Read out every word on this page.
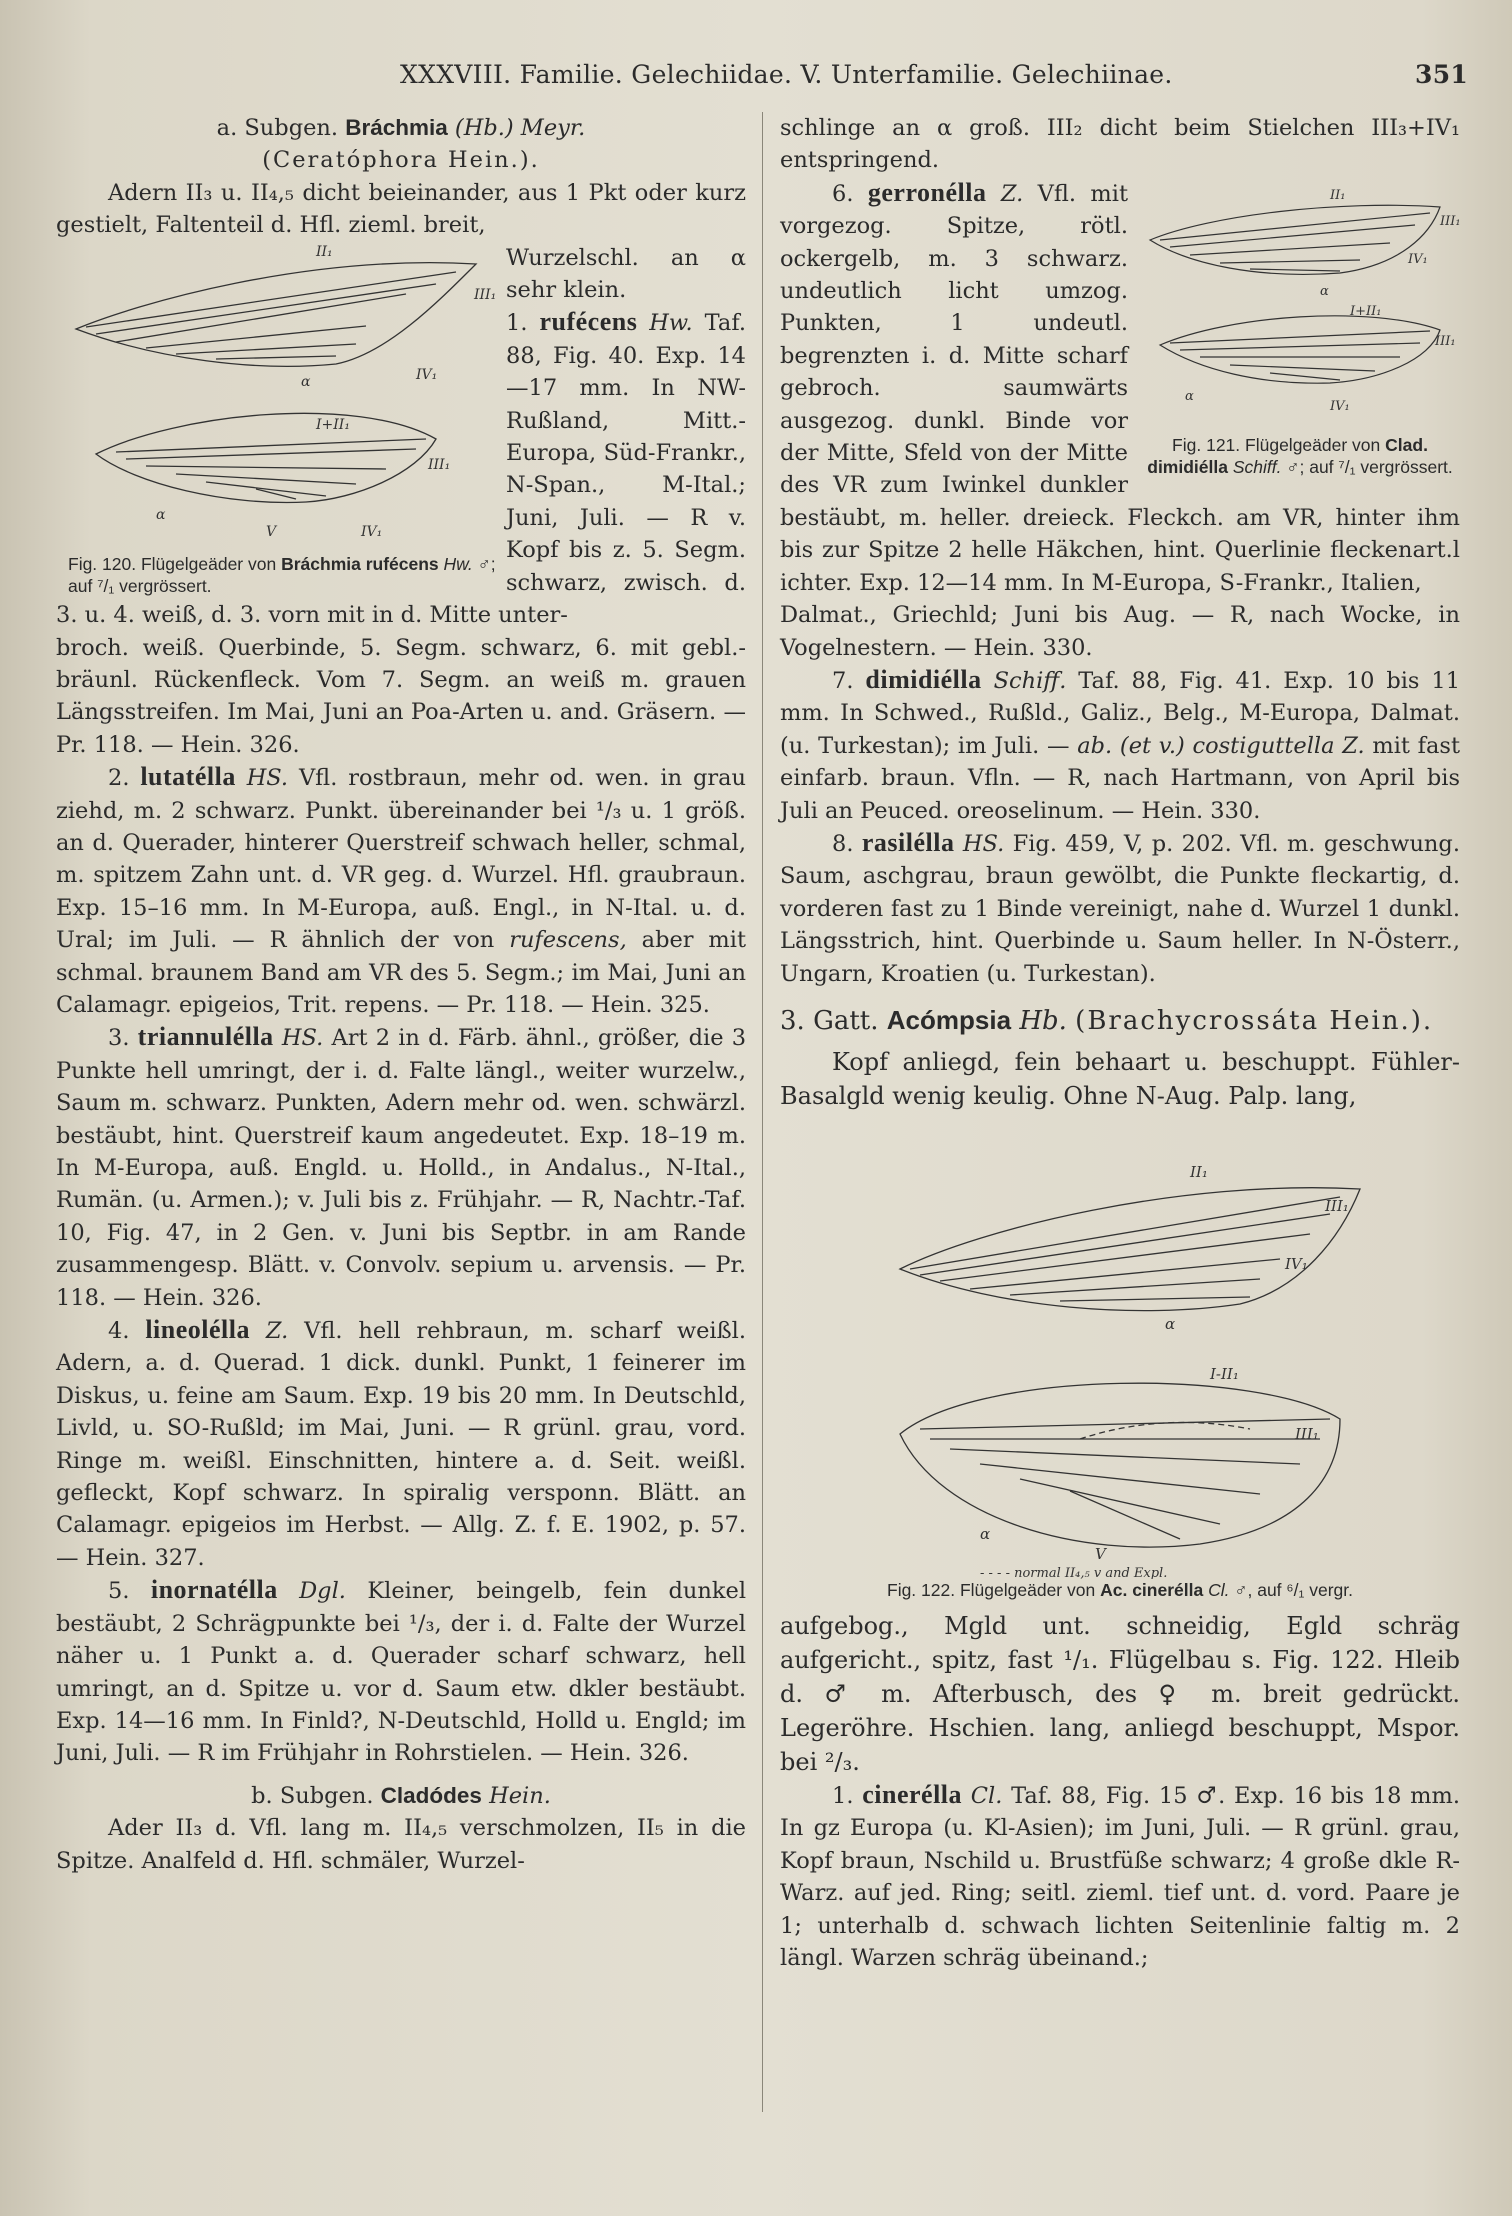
XXXVIII. Familie. Gelechiidae. V. Unterfamilie. Gelechiinae.	351

a. Subgen. Bráchmia (Hb.) Meyr.

(Ceratóphora Hein.).

Adern II₃ u. II₄,₅ dicht beieinander, aus 1 Pkt oder kurz gestielt, Faltenteil d. Hfl. zieml. breit,

II₁
III₁
IV₁
α
I+II₁
III₁
α
V	IV₁
Fig. 120. Flügelgeäder von Bráchmia rufécens Hw. ♂; auf ⁷/₁ vergrössert.

Wurzelschl. an α sehr klein.

1. rufécens Hw. Taf. 88, Fig. 40. Exp. 14—17 mm. In NW-Rußland, Mitt.-Europa, Süd-Frankr., N-Span., M-Ital.; Juni, Juli. — R v. Kopf bis z. 5. Segm. schwarz, zwisch. d. 3. u. 4. weiß, d. 3. vorn mit in d. Mitte unter-

broch. weiß. Querbinde, 5. Segm. schwarz, 6. mit gebl.-bräunl. Rückenfleck. Vom 7. Segm. an weiß m. grauen Längsstreifen. Im Mai, Juni an Poa-Arten u. and. Gräsern. — Pr. 118. — Hein. 326.

2. lutatélla HS. Vfl. rostbraun, mehr od. wen. in grau ziehd, m. 2 schwarz. Punkt. übereinander bei ¹/₃ u. 1 größ. an d. Querader, hinterer Querstreif schwach heller, schmal, m. spitzem Zahn unt. d. VR geg. d. Wurzel. Hfl. graubraun. Exp. 15–16 mm. In M-Europa, auß. Engl., in N-Ital. u. d. Ural; im Juli. — R ähnlich der von rufescens, aber mit schmal. braunem Band am VR des 5. Segm.; im Mai, Juni an Calamagr. epigeios, Trit. repens. — Pr. 118. — Hein. 325.

3. triannulélla HS. Art 2 in d. Färb. ähnl., größer, die 3 Punkte hell umringt, der i. d. Falte längl., weiter wurzelw., Saum m. schwarz. Punkten, Adern mehr od. wen. schwärzl. bestäubt, hint. Querstreif kaum angedeutet. Exp. 18–19 m. In M-Europa, auß. Engld. u. Holld., in Andalus., N-Ital., Rumän. (u. Armen.); v. Juli bis z. Frühjahr. — R, Nachtr.-Taf. 10, Fig. 47, in 2 Gen. v. Juni bis Septbr. in am Rande zusammengesp. Blätt. v. Convolv. sepium u. arvensis. — Pr. 118. — Hein. 326.

4. lineolélla Z. Vfl. hell rehbraun, m. scharf weißl. Adern, a. d. Querad. 1 dick. dunkl. Punkt, 1 feinerer im Diskus, u. feine am Saum. Exp. 19 bis 20 mm. In Deutschld, Livld, u. SO-Rußld; im Mai, Juni. — R grünl. grau, vord. Ringe m. weißl. Einschnitten, hintere a. d. Seit. weißl. gefleckt, Kopf schwarz. In spiralig versponn. Blätt. an Calamagr. epigeios im Herbst. — Allg. Z. f. E. 1902, p. 57. — Hein. 327.

5. inornatélla Dgl. Kleiner, beingelb, fein dunkel bestäubt, 2 Schrägpunkte bei ¹/₃, der i. d. Falte der Wurzel näher u. 1 Punkt a. d. Querader scharf schwarz, hell umringt, an d. Spitze u. vor d. Saum etw. dkler bestäubt. Exp. 14—16 mm. In Finld?, N-Deutschld, Holld u. Engld; im Juni, Juli. — R im Frühjahr in Rohrstielen. — Hein. 326.

b. Subgen. Cladódes Hein.

Ader II₃ d. Vfl. lang m. II₄,₅ verschmolzen, II₅ in die Spitze. Analfeld d. Hfl. schmäler, Wurzel-

schlinge an α groß. III₂ dicht beim Stielchen III₃+IV₁ entspringend.

II₁
III₁
IV₁
α
I+II₁
III₁
α
IV₁
Fig. 121. Flügelgeäder von Clad. dimidiélla Schiff. ♂; auf ⁷/₁ vergrössert.

6. gerronélla Z. Vfl. mit vorgezog. Spitze, rötl. ockergelb, m. 3 schwarz. undeutlich licht umzog. Punkten, 1 undeutl. begrenzten i. d. Mitte scharf gebroch. saumwärts ausgezog. dunkl. Binde vor der Mitte, Sfeld von der Mitte des VR zum Iwinkel dunkler bestäubt, m. heller. dreieck. Fleckch. am VR, hinter ihm bis zur Spitze 2 helle Häkchen, hint. Querlinie fleckenart.l ichter. Exp. 12—14 mm. In M-Europa, S-Frankr., Italien,

Dalmat., Griechld; Juni bis Aug. — R, nach Wocke, in Vogelnestern. — Hein. 330.

7. dimidiélla Schiff. Taf. 88, Fig. 41. Exp. 10 bis 11 mm. In Schwed., Rußld., Galiz., Belg., M-Europa, Dalmat. (u. Turkestan); im Juli. — ab. (et v.) costiguttella Z. mit fast einfarb. braun. Vfln. — R, nach Hartmann, von April bis Juli an Peuced. oreoselinum. — Hein. 330.

8. rasilélla HS. Fig. 459, V, p. 202. Vfl. m. geschwung. Saum, aschgrau, braun gewölbt, die Punkte fleckartig, d. vorderen fast zu 1 Binde vereinigt, nahe d. Wurzel 1 dunkl. Längsstrich, hint. Querbinde u. Saum heller. In N-Österr., Ungarn, Kroatien (u. Turkestan).

3. Gatt. Acómpsia Hb. (Brachycrossáta Hein.).

Kopf anliegd, fein behaart u. beschuppt. Fühler-Basalgld wenig keulig. Ohne N-Aug. Palp. lang,

II₁
III₁
IV₁
α
I-II₁
III₁
α
V
- - - - normal II₄,₅ v and Expl.
Fig. 122. Flügelgeäder von Ac. cinerélla Cl. ♂, auf ⁶/₁ vergr.

aufgebog., Mgld unt. schneidig, Egld schräg aufgericht., spitz, fast ¹/₁. Flügelbau s. Fig. 122. Hleib d. ♂ m. Afterbusch, des ♀ m. breit gedrückt. Legeröhre. Hschien. lang, anliegd beschuppt, Mspor. bei ²/₃.

1. cinerélla Cl. Taf. 88, Fig. 15 ♂. Exp. 16 bis 18 mm. In gz Europa (u. Kl-Asien); im Juni, Juli. — R grünl. grau, Kopf braun, Nschild u. Brustfüße schwarz; 4 große dkle R-Warz. auf jed. Ring; seitl. zieml. tief unt. d. vord. Paare je 1; unterhalb d. schwach lichten Seitenlinie faltig m. 2 längl. Warzen schräg übeinand.;
